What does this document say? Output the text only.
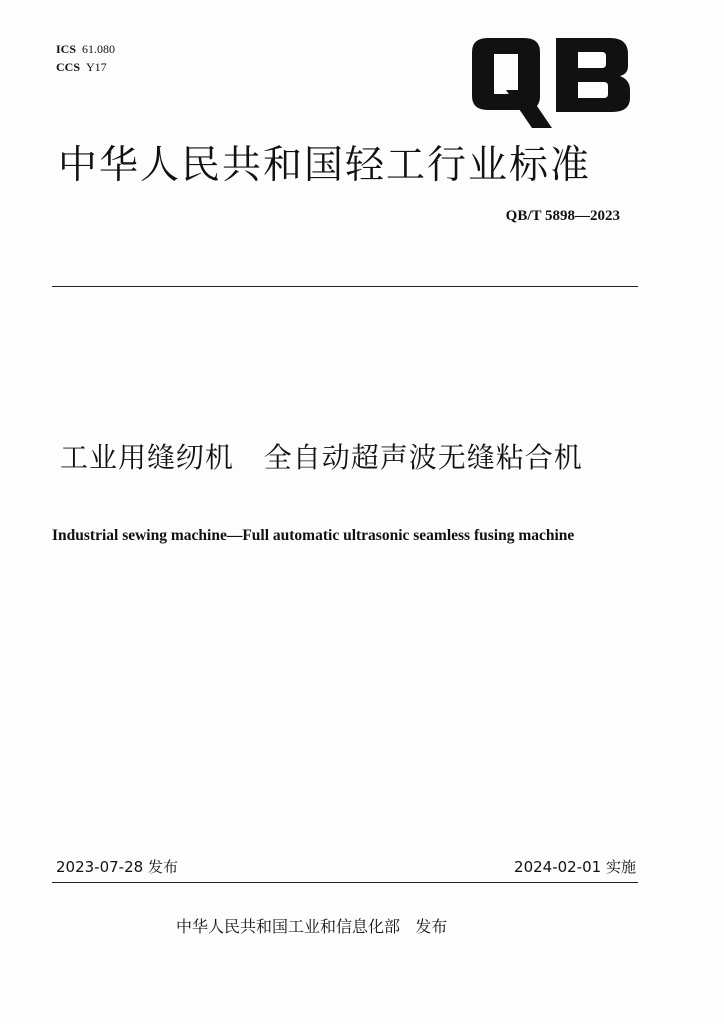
ICS 61.080
CCS Y17
中华人民共和国轻工行业标准
QB/T 5898—2023
工业用缝纫机   全自动超声波无缝粘合机
Industrial sewing machine—Full automatic ultrasonic seamless fusing machine
2023-07-28 发布	2024-02-01 实施
中华人民共和国工业和信息化部   发布
